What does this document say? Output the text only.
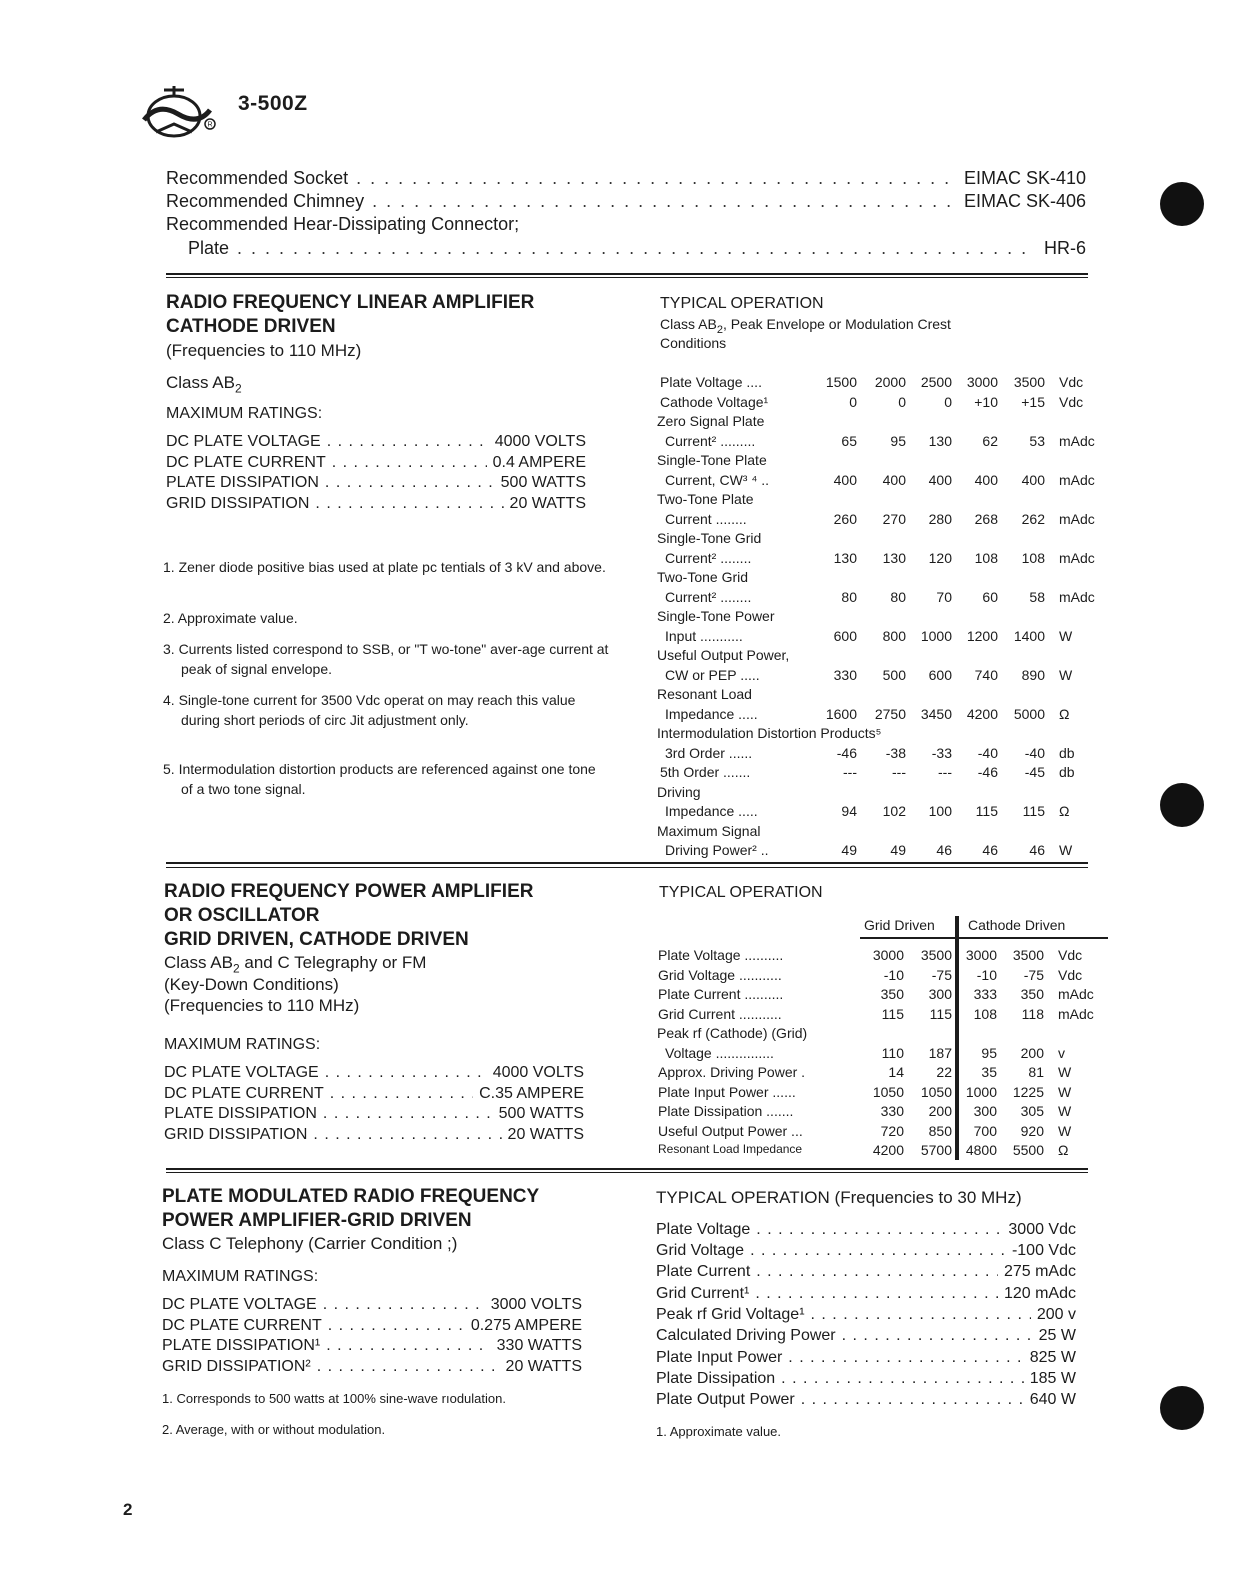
R
3-500Z
Recommended Socket . . .	EIMAC SK-410
Recommended Chimney . . .	EIMAC SK-406
Recommended Hear-Dissipating Connector;
Plate . . .	HR-6
RADIO FREQUENCY LINEAR AMPLIFIER
CATHODE DRIVEN
(Frequencies to 110 MHz)
Class $AB_2$
MAXIMUM RATINGS:
DC PLATE VOLTAGE . . .	4000 VOLTS
DC PLATE CURRENT . . .	0.4 AMPERE
PLATE DISSIPATION . . .	500 WATTS
GRID DISSIPATION . . .	20 WATTS
1. Zener diode positive bias used at plate pc tentials of 3 kV and above.
2. Approximate value.
3. Currents listed correspond to SSB, or "T wo-tone" aver-age current at peak of signal envelope.
4. Single-tone current for 3500 Vdc operat on may reach this value during short periods of circ Jit adjustment only.
5. Intermodulation distortion products are referenced against one tone of a two tone signal.
TYPICAL OPERATION
Class $AB_2$, Peak Envelope or Modulation Crest
Conditions
Plate Voltage ....	1500	2000	2500	3000	3500 Vdc
Cathode Voltage¹	0	0	0	+10	+15 Vdc
Zero Signal Plate
Current² .........	65	95	130	62	53 mAdc
Single-Tone Plate
Current, CW³ ⁴ ..	400	400	400	400	400 mAdc
Two-Tone Plate
Current ........	260	270	280	268	262 mAdc
Single-Tone Grid
Current² ........	130	130	120	108	108 mAdc
Two-Tone Grid
Current² ........	80	80	70	60	58 mAdc
Single-Tone Power
Input ...........	600	800	1000	1200	1400 W
Useful Output Power,
CW or PEP .....	330	500	600	740	890 W
Resonant Load
Impedance .....	1600	2750	3450	4200	5000 Ω
Intermodulation Distortion Products⁵
3rd Order ......	-46	-38	-33	-40	-40 db
5th Order .......	---	---	---	-46	-45 db
Driving
Impedance .....	94	102	100	115	115 Ω
Maximum Signal
Driving Power² ..	49	49	46	46	46 W
RADIO FREQUENCY POWER AMPLIFIER
OR OSCILLATOR
GRID DRIVEN, CATHODE DRIVEN
Class $AB_2$ and C Telegraphy or FM
(Key-Down Conditions)
(Frequencies to 110 MHz)
MAXIMUM RATINGS:
DC PLATE VOLTAGE . . .	4000 VOLTS
DC PLATE CURRENT . . .	C.35 AMPERE
PLATE DISSIPATION . . .	500 WATTS
GRID DISSIPATION . . .	20 WATTS
TYPICAL OPERATION
Grid Driven Cathode Driven
Plate Voltage ..........	3000	3500 3000	3500 Vdc
Grid Voltage ...........	-10	-75	-10	-75 Vdc
Plate Current ..........	350	300	333	350 mAdc
Grid Current ...........	115	115	108	118 mAdc
Peak rf (Cathode) (Grid)
Voltage ...............	110	187	95	200 v
Approx. Driving Power .	14	22	35	81 W
Plate Input Power ......	1050	1050 1000	1225 W
Plate Dissipation .......	330	200	300	305 W
Useful Output Power ...	720	850	700	920 W
Resonant Load Impedance	4200	5700 4800	5500 Ω
PLATE MODULATED RADIO FREQUENCY
POWER AMPLIFIER-GRID DRIVEN
Class C Telephony (Carrier Condition ;)
MAXIMUM RATINGS:
DC PLATE VOLTAGE . . .	3000 VOLTS
DC PLATE CURRENT . . .	0.275 AMPERE
PLATE DISSIPATION¹ . . .	330 WATTS
GRID DISSIPATION² . . .	20 WATTS
1. Corresponds to 500 watts at 100% sine-wave rıodulation.
2. Average, with or without modulation.
TYPICAL OPERATION (Frequencies to 30 MHz)
Plate Voltage . . .	3000 Vdc
Grid Voltage . . .	-100 Vdc
Plate Current . . .	275 mAdc
Grid Current¹ . . .	120 mAdc
Peak rf Grid Voltage¹ . . .	200 v
Calculated Driving Power . . .	25 W
Plate Input Power . . .	825 W
Plate Dissipation . . .	185 W
Plate Output Power . . .	640 W
1. Approximate value.
2
